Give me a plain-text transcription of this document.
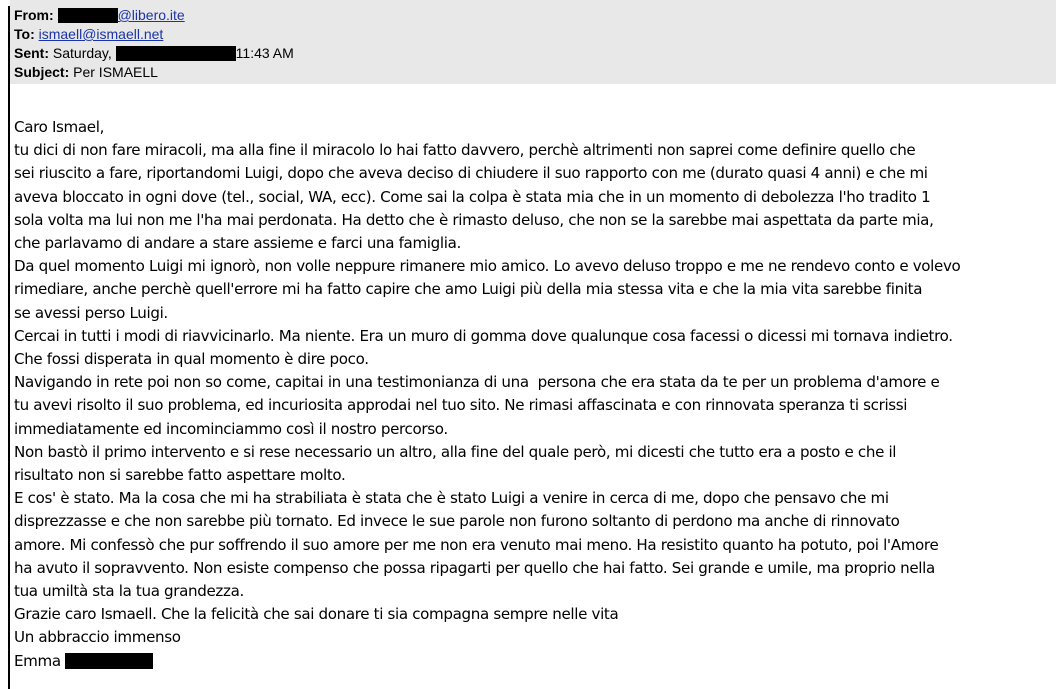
From:	@libero.ite
To: ismaell@ismaell.net
Sent: Saturday,	11:43 AM
Subject: Per ISMAELL

Caro Ismael,

tu dici di non fare miracoli, ma alla fine il miracolo lo hai fatto davvero, perchè altrimenti non saprei come definire quello che

sei riuscito a fare, riportandomi Luigi, dopo che aveva deciso di chiudere il suo rapporto con me (durato quasi 4 anni) e che mi

aveva bloccato in ogni dove (tel., social, WA, ecc). Come sai la colpa è stata mia che in un momento di debolezza l'ho tradito 1

sola volta ma lui non me l'ha mai perdonata. Ha detto che è rimasto deluso, che non se la sarebbe mai aspettata da parte mia,

che parlavamo di andare a stare assieme e farci una famiglia.

Da quel momento Luigi mi ignorò, non volle neppure rimanere mio amico. Lo avevo deluso troppo e me ne rendevo conto e volevo

rimediare, anche perchè quell'errore mi ha fatto capire che amo Luigi più della mia stessa vita e che la mia vita sarebbe finita

se avessi perso Luigi.

Cercai in tutti i modi di riavvicinarlo. Ma niente. Era un muro di gomma dove qualunque cosa facessi o dicessi mi tornava indietro.

Che fossi disperata in qual momento è dire poco.

Navigando in rete poi non so come, capitai in una testimonianza di una  persona che era stata da te per un problema d'amore e

tu avevi risolto il suo problema, ed incuriosita approdai nel tuo sito. Ne rimasi affascinata e con rinnovata speranza ti scrissi

immediatamente ed incominciammo così il nostro percorso.

Non bastò il primo intervento e si rese necessario un altro, alla fine del quale però, mi dicesti che tutto era a posto e che il

risultato non si sarebbe fatto aspettare molto.

E cos' è stato. Ma la cosa che mi ha strabiliata è stata che è stato Luigi a venire in cerca di me, dopo che pensavo che mi

disprezzasse e che non sarebbe più tornato. Ed invece le sue parole non furono soltanto di perdono ma anche di rinnovato

amore. Mi confessò che pur soffrendo il suo amore per me non era venuto mai meno. Ha resistito quanto ha potuto, poi l'Amore

ha avuto il sopravvento. Non esiste compenso che possa ripagarti per quello che hai fatto. Sei grande e umile, ma proprio nella

tua umiltà sta la tua grandezza.

Grazie caro Ismaell. Che la felicità che sai donare ti sia compagna sempre nelle vita

Un abbraccio immenso

Emma
